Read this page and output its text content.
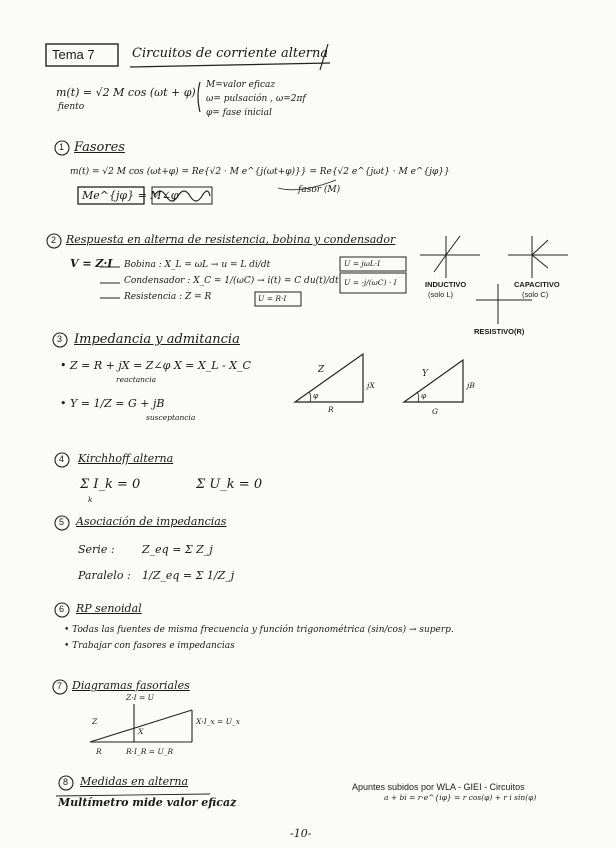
Tema 7	Circuitos de corriente alterna
m(t) = √2 M cos (ωt + φ)
fiento
M=valor eficaz
ω= pulsación , ω=2πf
φ= fase inicial
1 Fasores
m(t) = √2 M cos (ωt+φ) = Re{√2 · M e^{j(ωt+φ)}} = Re{√2 e^{jωt} · M e^{jφ}}
fasor (M)
Me^{jφ} = M∠φ
2 Respuesta en alterna de resistencia, bobina y condensador
V = Z·I Bobina : X_L = ωL → u = L di/dt
Condensador : X_C = 1/(ωC) → i(t) = C du(t)/dt
Resistencia : Z = R
U = jωL·I
U = -j/(ωC) · I
U = R·I
INDUCTIVO
(solo L)
CAPACITIVO
(solo C)
RESISTIVO(R)
3 Impedancia y admitancia
• Z = R + jX = Z∠φ X = X_L - X_C
reactancia
• Y = 1/Z = G + jB
susceptancia
Z
φ
jX
R
Y
φ
jB
G
4 Kirchhoff alterna
Σ I_k = 0	Σ U_k = 0
k
5 Asociación de impedancias
Serie : Z_eq = Σ Z_j
Paralelo : 1/Z_eq = Σ 1/Z_j
6 RP senoidal
• Todas las fuentes de misma frecuencia y función trigonométrica (sin/cos) → superp.
• Trabajar con fasores e impedancias
7 Diagramas fasoriales
Z·I = U
Z	X·I_x = U_x
X
R	R·I_R = U_R
8 Medidas en alterna
Multímetro mide valor eficaz
Apuntes subidos por WLA - GIEI - Circuitos
a + bi = r·e^{iφ} = r cos(φ) + r i sin(φ)
-10-
